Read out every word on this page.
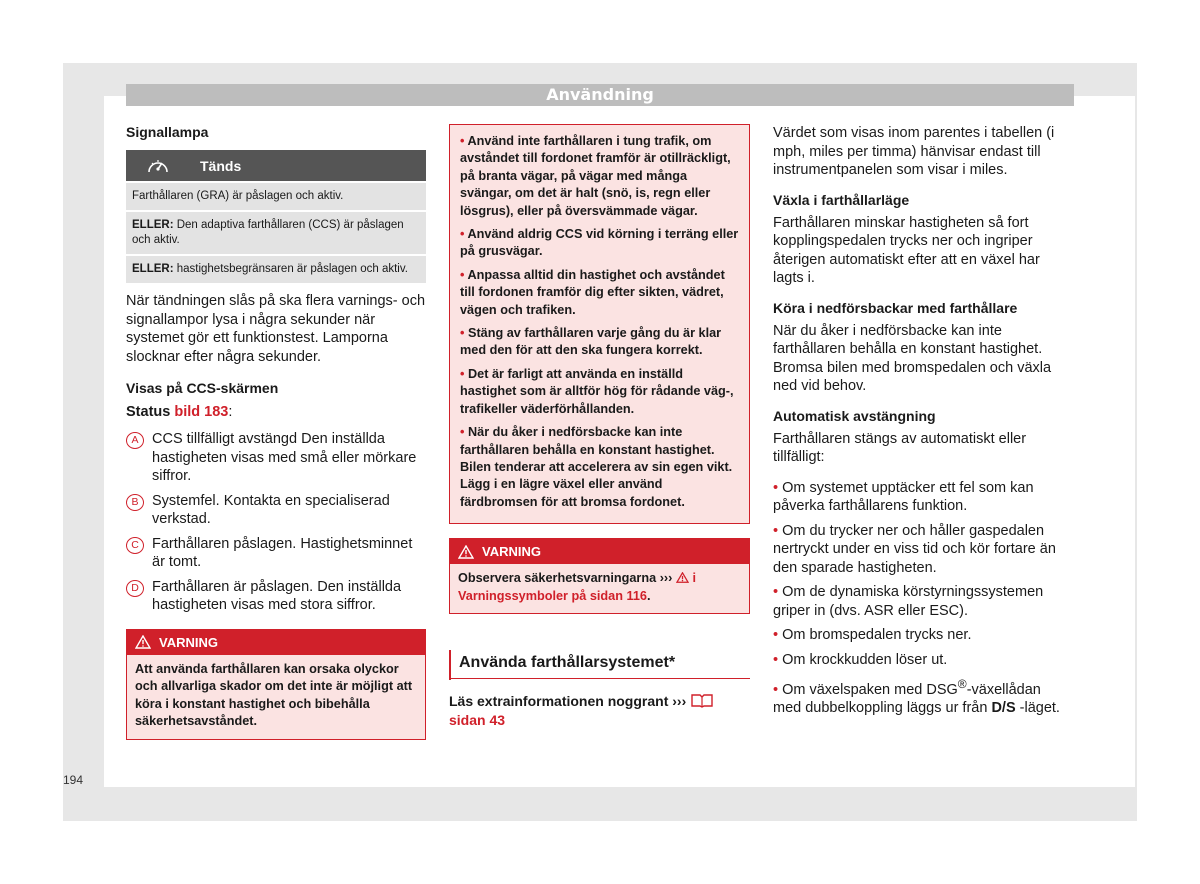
Användning
Signallampa
Tänds
Farthållaren (GRA) är påslagen och aktiv.
ELLER: Den adaptiva farthållaren (CCS) är påslagen och aktiv.
ELLER: hastighetsbegränsaren är påslagen och aktiv.

När tändningen slås på ska flera varnings- och signallampor lysa i några sekunder när systemet gör ett funktionstest. Lamporna slocknar efter några sekunder.

Visas på CCS-skärmen
Status bild 183:
A CCS tillfälligt avstängd Den inställda hastigheten visas med små eller mörkare siffror.
B Systemfel. Kontakta en specialiserad verkstad.
C Farthållaren påslagen. Hastighetsminnet är tomt.
D Farthållaren är påslagen. Den inställda hastigheten visas med stora siffror.
VARNING
Att använda farthållaren kan orsaka olyckor och allvarliga skador om det inte är möjligt att köra i konstant hastighet och bibehålla säkerhetsavståndet.
• Använd inte farthållaren i tung trafik, om avståndet till fordonet framför är otillräckligt, på branta vägar, på vägar med många svängar, om det är halt (snö, is, regn eller lösgrus), eller på översvämmade vägar.
• Använd aldrig CCS vid körning i terräng eller på grusvägar.
• Anpassa alltid din hastighet och avståndet till fordonen framför dig efter sikten, vädret, vägen och trafiken.
• Stäng av farthållaren varje gång du är klar med den för att den ska fungera korrekt.
• Det är farligt att använda en inställd hastighet som är alltför hög för rådande väg-, trafikeller väderförhållanden.
• När du åker i nedförsbacke kan inte farthållaren behålla en konstant hastighet. Bilen tenderar att accelerera av sin egen vikt. Lägg i en lägre växel eller använd färdbromsen för att bromsa fordonet.
VARNING
Observera säkerhetsvarningarna ›››  i Varningssymboler på sidan 116.
Använda farthållarsystemet*
Läs extrainformationen noggrant ›››  sidan 43

Värdet som visas inom parentes i tabellen (i mph, miles per timma) hänvisar endast till instrumentpanelen som visar i miles.

Växla i farthållarläge

Farthållaren minskar hastigheten så fort kopplingspedalen trycks ner och ingriper återigen automatiskt efter att en växel har lagts i.

Köra i nedförsbackar med farthållare

När du åker i nedförsbacke kan inte farthållaren behålla en konstant hastighet. Bromsa bilen med bromspedalen och växla ned vid behov.

Automatisk avstängning

Farthållaren stängs av automatiskt eller tillfälligt:

• Om systemet upptäcker ett fel som kan påverka farthållarens funktion.
• Om du trycker ner och håller gaspedalen nertryckt under en viss tid och kör fortare än den sparade hastigheten.
• Om de dynamiska körstyrningssystemen griper in (dvs. ASR eller ESC).
• Om bromspedalen trycks ner.
• Om krockkudden löser ut.
• Om växelspaken med DSG®-växellådan med dubbelkoppling läggs ur från D/S -läget.
194
